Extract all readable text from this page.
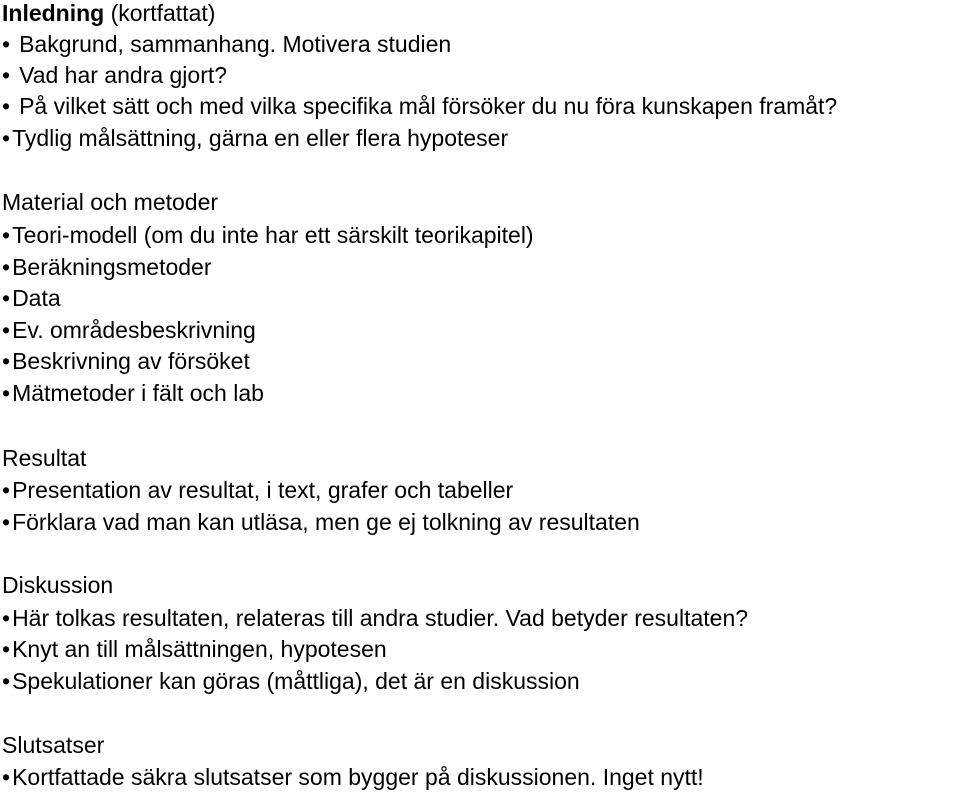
Inledning (kortfattat)
• Bakgrund, sammanhang. Motivera studien
• Vad har andra gjort?
• På vilket sätt och med vilka specifika mål försöker du nu föra kunskapen framåt?
•Tydlig målsättning, gärna en eller flera hypoteser
Material och metoder
•Teori-modell (om du inte har ett särskilt teorikapitel)
•Beräkningsmetoder
•Data
•Ev. områdesbeskrivning
•Beskrivning av försöket
•Mätmetoder i fält och lab
Resultat
•Presentation av resultat, i text, grafer och tabeller
•Förklara vad man kan utläsa, men ge ej tolkning av resultaten
Diskussion
•Här tolkas resultaten, relateras till andra studier. Vad betyder resultaten?
•Knyt an till målsättningen, hypotesen
•Spekulationer kan göras (måttliga), det är en diskussion
Slutsatser
•Kortfattade säkra slutsatser som bygger på diskussionen. Inget nytt!
